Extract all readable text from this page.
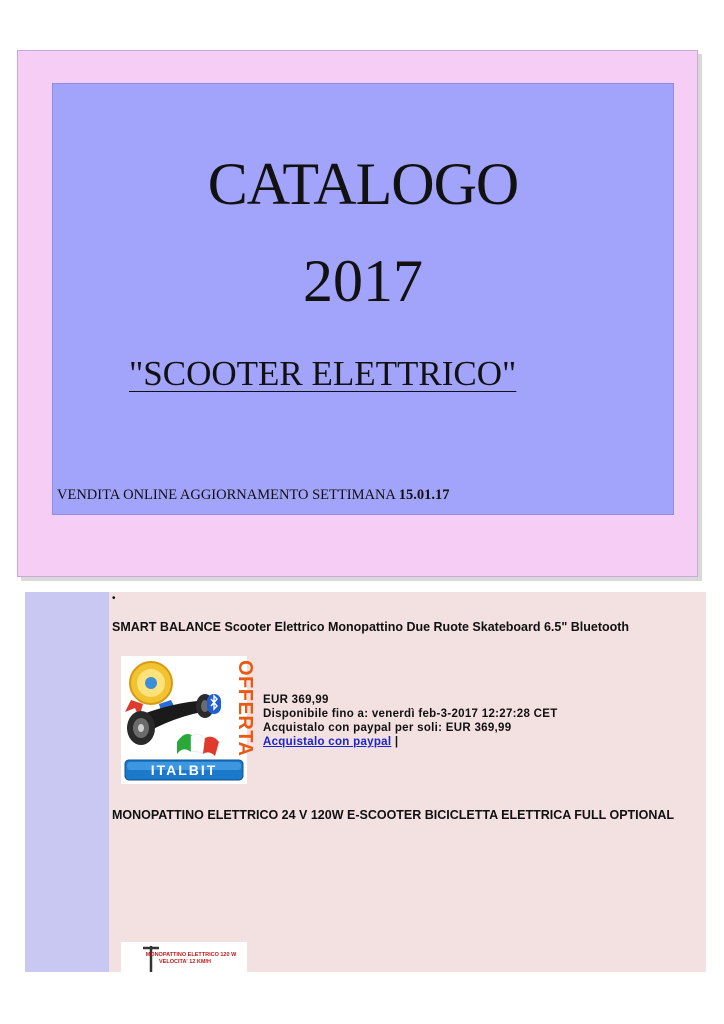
CATALOGO
2017
"SCOOTER ELETTRICO"
VENDITA ONLINE AGGIORNAMENTO SETTIMANA 15.01.17
•
SMART BALANCE Scooter Elettrico Monopattino Due Ruote Skateboard 6.5" Bluetooth
OFFERTA
ITALBIT
EUR 369,99
Disponibile fino a: venerdì feb-3-2017 12:27:28 CET
Acquistalo con paypal per soli: EUR 369,99
Acquistalo con paypal |
MONOPATTINO ELETTRICO 24 V 120W E-SCOOTER BICICLETTA ELETTRICA FULL OPTIONAL
MONOPATTINO ELETTRICO 120 W
VELOCITA' 12 KM/H
